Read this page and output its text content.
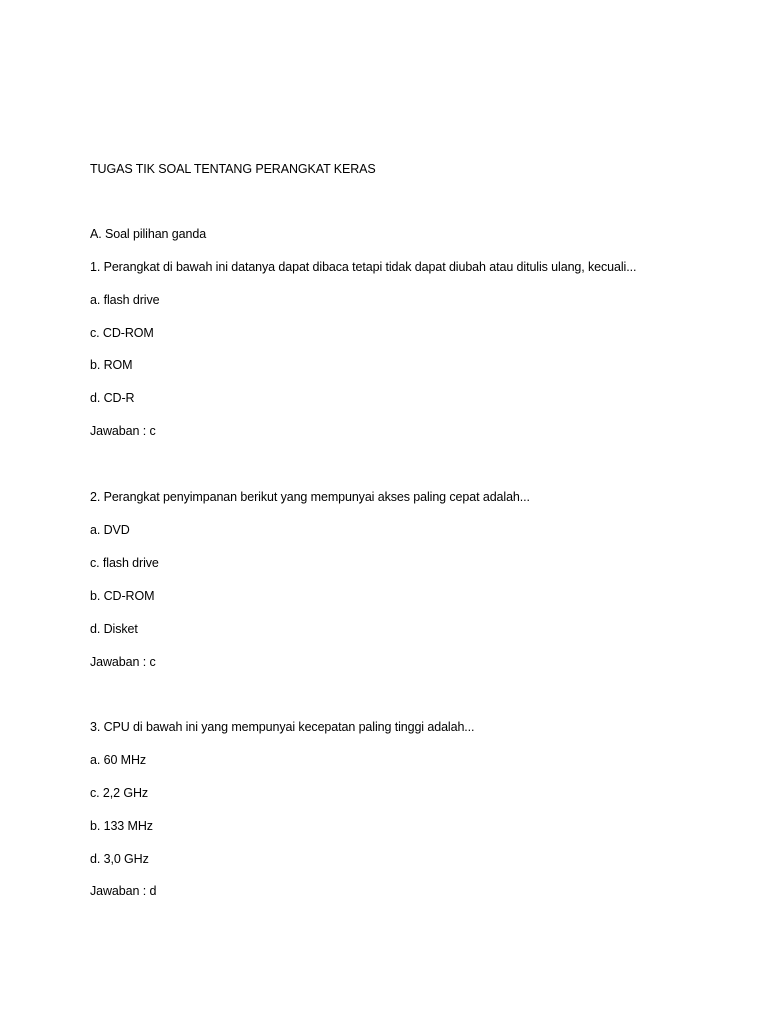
TUGAS TIK SOAL TENTANG PERANGKAT KERAS
A. Soal pilihan ganda
1. Perangkat di bawah ini datanya dapat dibaca tetapi tidak dapat diubah atau ditulis ulang, kecuali...
a. flash drive
c. CD-ROM
b. ROM
d. CD-R
Jawaban : c
2. Perangkat penyimpanan berikut yang mempunyai akses paling cepat adalah...
a. DVD
c. flash drive
b. CD-ROM
d. Disket
Jawaban : c
3. CPU di bawah ini yang mempunyai kecepatan paling tinggi adalah...
a. 60 MHz
c. 2,2 GHz
b. 133 MHz
d. 3,0 GHz
Jawaban : d
